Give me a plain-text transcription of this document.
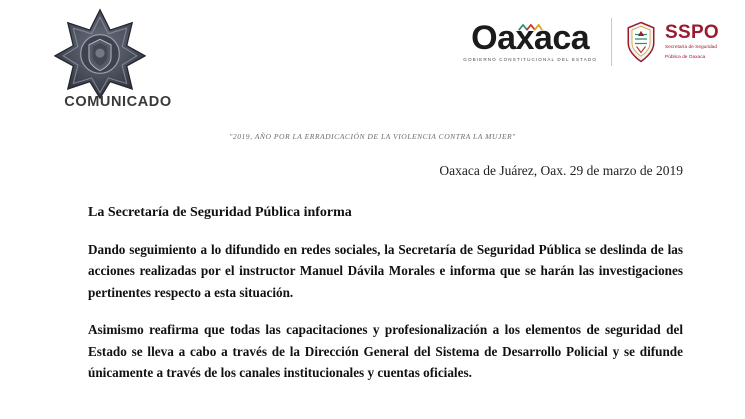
COMUNICADO
Oaxaca
GOBIERNO CONSTITUCIONAL DEL ESTADO
SSPO
Secretaría de Seguridad
Pública de Oaxaca
"2019, AÑO POR LA ERRADICACIÓN DE LA VIOLENCIA CONTRA LA MUJER"
Oaxaca de Juárez, Oax. 29 de marzo de 2019

La Secretaría de Seguridad Pública informa

Dando seguimiento a lo difundido en redes sociales, la Secretaría de Seguridad Pública se deslinda de las acciones realizadas por el instructor Manuel Dávila Morales e informa que se harán las investigaciones pertinentes respecto a esta situación.

Asimismo reafirma que todas las capacitaciones y profesionalización a los elementos de seguridad del Estado se lleva a cabo a través de la Dirección General del Sistema de Desarrollo Policial y se difunde únicamente a través de los canales institucionales y cuentas oficiales.
